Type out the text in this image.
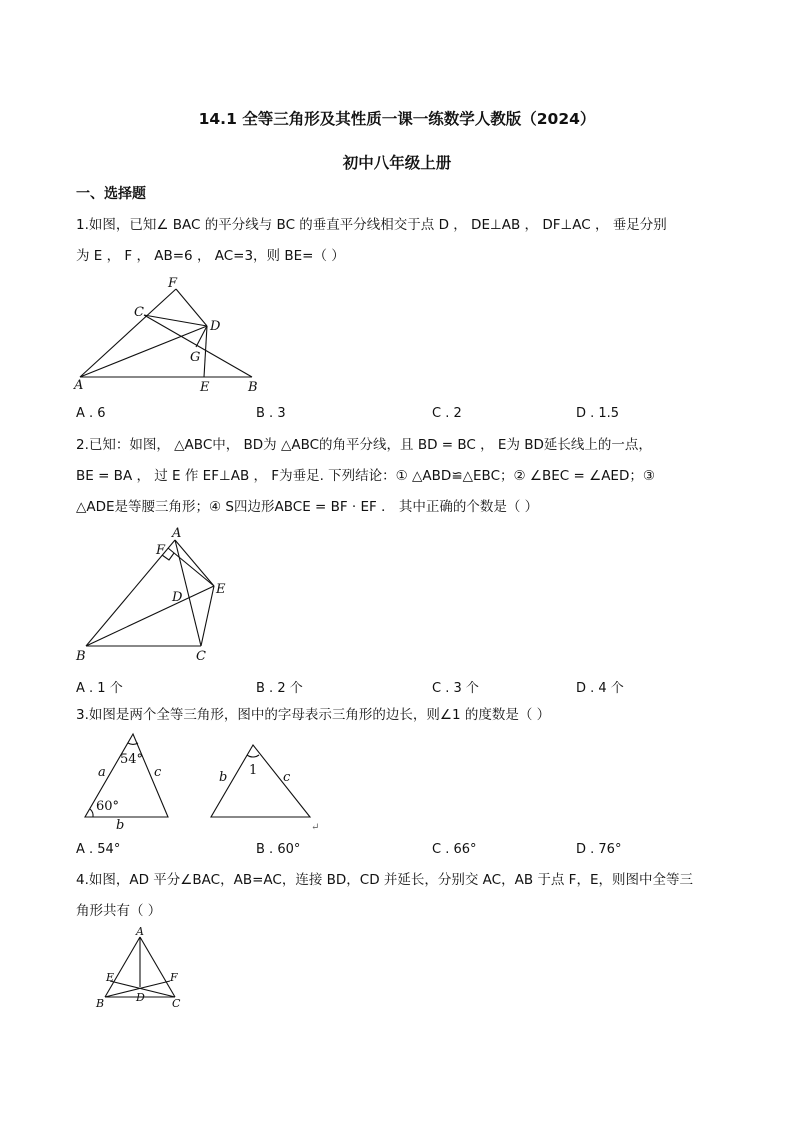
14.1 全等三角形及其性质一课一练数学人教版（2024）
初中八年级上册
一、选择题
1.如图，已知∠ BAC 的平分线与 BC 的垂直平分线相交于点 D ， DE⊥AB ， DF⊥AC ， 垂足分别
为 E ， F ， AB=6 ， AC=3，则 BE=（ ）
F
C
D
G
A	E	B
A . 6	B . 3	C . 2	D . 1.5
2.已知：如图， △ABC中， BD为 △ABC的角平分线，且 BD = BC ， E为 BD延长线上的一点，
BE = BA ， 过 E 作 EF⊥AB ， F为垂足. 下列结论：① △ABD≌△EBC；② ∠BEC = ∠AED；③
△ADE是等腰三角形；④ S四边形ABCE = BF · EF ． 其中正确的个数是（ ）
A
F
E
D
B	C
A . 1 个	B . 2 个	C . 3 个	D . 4 个
3.如图是两个全等三角形，图中的字母表示三角形的边长，则∠1 的度数是（ ）
54°
a	c
60°
b
1
b	c
↵
A . 54°	B . 60°	C . 66°	D . 76°
4.如图，AD 平分∠BAC，AB=AC，连接 BD，CD 并延长，分别交 AC，AB 于点 F，E，则图中全等三
角形共有（ ）
A
E	F
B	D C
